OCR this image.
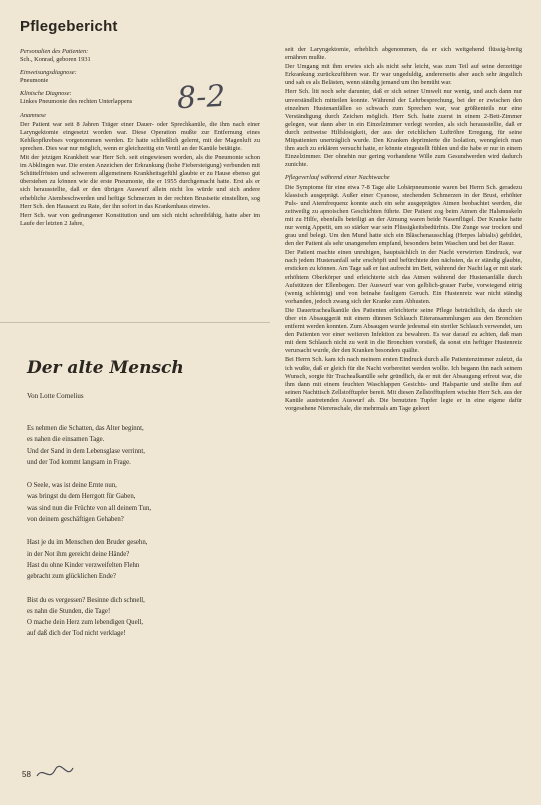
Pflegebericht
8-2
Personalien des Patienten:
Sch., Konrad, geboren 1931
Einweisungsdiagnose:
Pneumonie
Klinische Diagnose:
Linkes Pneumonie des rechten Unterlappens
Anamnese
Der Patient war seit 8 Jahren Träger einer Dauer- oder Sprechkanüle, die ihm nach einer Laryngektomie eingesetzt worden war. Diese Operation mußte zur Entfernung eines Kehlkopfkrebses vorgenommen werden. Er hatte schließlich gelernt, mit der Magenluft zu sprechen. Dies war nur möglich, wenn er gleichzeitig ein Ventil an der Kanüle betätigte.
Mit der jetzigen Krankheit war Herr Sch. seit eingewiesen worden, als die Pneumonie schon im Abklingen war. Die ersten Anzeichen der Erkrankung (hohe Fiebersteigung) verbunden mit Schüttelfrösten und schwerem allgemeinem Krankheitsgefühl glaubte er zu Hause ebenso gut überstehen zu können wie die erste Pneumonie, die er 1955 durchgemacht hatte. Erst als er sich herausstellte, daß er den übrigen Auswurf allein nicht los würde und sich andere erhebliche Atembeschwerden und heftige Schmerzen in der rechten Brustseite einstellten, sog Herr Sch. den Hausarzt zu Rate, der ihn sofort in das Krankenhaus einwies.
Herr Sch. war von gedrungener Konstitution und um sich nicht schreibfähig, hatte aber im Laufe der letzten 2 Jahre,
Der alte Mensch
Von Lotte Cornelius
Es nehmen die Schatten, das Alter beginnt,
es nahen die einsamen Tage.
Und der Sand in dem Lebensglase verrinnt,
und der Tod kommt langsam in Frage.
O Seele, was ist deine Ernte nun,
was bringst du dem Herrgott für Gaben,
was sind nun die Früchte von all deinem Tun,
von deinem geschäftigen Gehaben?
Hast je du im Menschen den Bruder gesehn,
in der Not ihm gereicht deine Hände?
Hast du ohne Kinder verzweifelten Flehn
gebracht zum glücklichen Ende?
Bist du es vergessen? Besinne dich schnell,
es nahn die Stunden, die Tage!
O mache dein Herz zum lebendigen Quell,
auf daß dich der Tod nicht verklage!
seit der Laryngektomie, erheblich abgenommen, da er sich weitgehend flüssig-breiig ernähren mußte.
Der Umgang mit ihm erwies sich als nicht sehr leicht, was zum Teil auf seine derzeitige Erkrankung zurückzuführen war. Er war ungeduldig, andererseits aber auch sehr ängstlich und sah es als Belästen, wenn ständig jemand um ihn bemüht war.
Herr Sch. litt noch sehr darunter, daß er sich seiner Umwelt nur wenig, und auch dann nur unverständlich mitteilen konnte. Während der Lehrbesprechung, bei der er zwischen den einzelnen Hustenanfällen so schwach zum Sprechen war, war größtenteils nur eine Verständigung durch Zeichen möglich. Herr Sch. hatte zuerst in einem 2-Bett-Zimmer gelegen, war dann aber in ein Einzelzimmer verlegt worden, als sich herausstellte, daß er durch zeitweise Hilfslosigkeit, der aus der reichlichen Luftröhre Erregung, für seine Mitpatienten unerträglich wurde. Den Kranken deprimierte die Isolation, wenngleich man ihm auch zu erklären versucht hatte, er könnte eingestellt fühlen und die habe er nur in einem Einzelzimmer. Der ohnehin nur gering vorhandene Wille zum Gesundwerden wird dadurch zunichte.
Pflegeverlauf während einer Nachtwache
Die Symptome für eine etwa 7-8 Tage alte Lobärpneumonie waren bei Herrn Sch. geradezu klassisch ausgeprägt. Außer einer Cyanose, stechenden Schmerzen in der Brust, erhöhter Puls- und Atemfrequenz konnte auch ein sehr ausgeprägtes Atmen beobachtet werden, die zeitweilig zu apnoischen Geschichten führte. Der Patient zog beim Atmen die Halsmuskeln mit zu Hilfe, ebenfalls beteiligt an der Atmung waren beide Nasenflügel. Der Kranke hatte nur wenig Appetit, um so stärker war sein Flüssigkeitsbedürfnis. Die Zunge war trocken und grau und belegt. Um den Mund hatte sich ein Bläschenausschlag (Herpes labialis) gebildet, den der Patient als sehr unangenehm empfand, besonders beim Waschen und bei der Rasur.
Der Patient machte einen unruhigen, hauptsächlich in der Nacht verwirrten Eindruck, war nach jedem Hustenanfall sehr erschöpft und befürchtete den nächsten, da er ständig glaubte, ersticken zu können. Am Tage saß er fast aufrecht im Bett, während der Nacht lag er mit stark erhöhtem Oberkörper und erleichterte sich das Atmen während der Hustenanfälle durch Aufstützen der Ellenbogen. Der Auswurf war von gelblich-grauer Farbe, vorwiegend eitrig (wenig schleimig) und von beinahe fauligem Geruch. Ein Hustenreiz war nicht ständig vorhanden, jedoch zwang sich der Kranke zum Abhusten.
Die Dauertrachealkanüle des Patienten erleichterte seine Pflege beträchtlich, da durch sie über ein Absauggerät mit einem dünnen Schlauch Eiteransammlungen aus den Bronchien entfernt werden konnten. Zum Absaugen wurde jedesmal ein steriler Schlauch verwendet, um den Patienten vor einer weiteren Infektion zu bewahren. Es war darauf zu achten, daß man mit dem Schlauch nicht zu weit in die Bronchien vorstieß, da sonst ein heftiger Hustenreiz verursacht wurde, der den Kranken besonders quälte.
Bei Herrn Sch. kam ich nach meinem ersten Eindruck durch alle Patientenzimmer zuletzt, da ich wußte, daß er gleich für die Nacht vorbereitet werden wollte. Ich begann ihn nach seinem Wunsch, sorgte für Trachealkanülle sehr gründlich, da er mit der Absaugung erfreut war, die ihm dann mit einem feuchten Waschlappen Gesichts- und Halspartie und stellte ihm auf seinen Nachttisch Zellstofftupfer bereit. Mit diesen Zellstofftupfern wischte Herr Sch. aus der Kanüle austretenden Auswurf ab. Die benutzten Tupfer legte er in eine eigene dafür vorgesehene Nierenschale, die mehrmals am Tage geleert
58
